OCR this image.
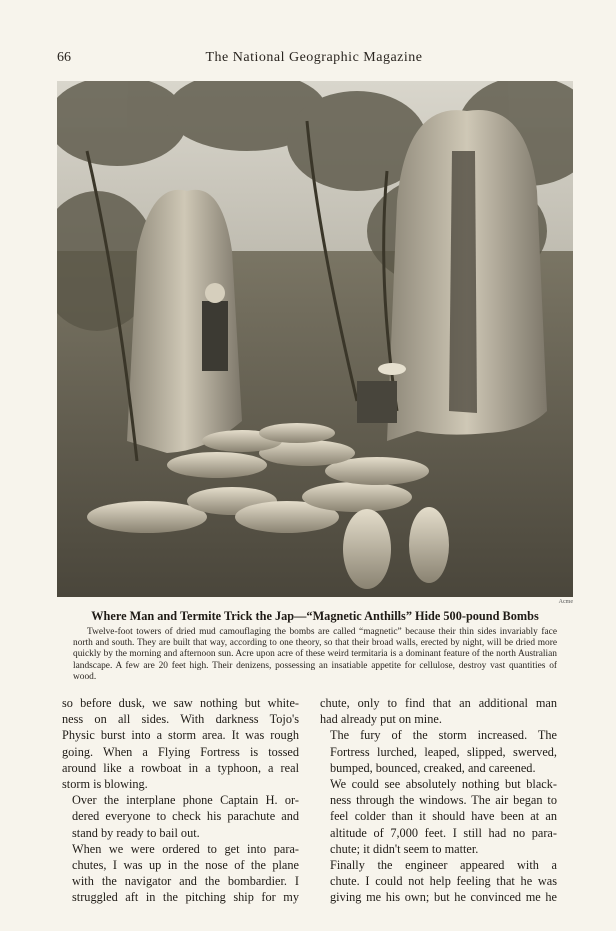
66	The National Geographic Magazine
Acme
Where Man and Termite Trick the Jap—“Magnetic Anthills” Hide 500-pound Bombs
Twelve-foot towers of dried mud camouflaging the bombs are called “magnetic” because their thin sides invariably face north and south. They are built that way, according to one theory, so that their broad walls, erected by night, will be dried more quickly by the morning and afternoon sun. Acre upon acre of these weird termitaria is a dominant feature of the north Australian landscape. A few are 20 feet high. Their denizens, possessing an insatiable appetite for cellulose, destroy vast quantities of wood.

so before dusk, we saw nothing but white-
ness on all sides. With darkness Tojo's
Physic burst into a storm area. It was rough
going. When a Flying Fortress is tossed
around like a rowboat in a typhoon, a real
storm is blowing.

Over the interplane phone Captain H. or-
dered everyone to check his parachute and
stand by ready to bail out.

When we were ordered to get into para-
chutes, I was up in the nose of the plane
with the navigator and the bombardier. I
struggled aft in the pitching ship for my

chute, only to find that an additional man
had already put on mine.

The fury of the storm increased. The
Fortress lurched, leaped, slipped, swerved,
bumped, bounced, creaked, and careened.

We could see absolutely nothing but black-
ness through the windows. The air began to
feel colder than it should have been at an
altitude of 7,000 feet. I still had no para-
chute; it didn't seem to matter.

Finally the engineer appeared with a
chute. I could not help feeling that he was
giving me his own; but he convinced me he
